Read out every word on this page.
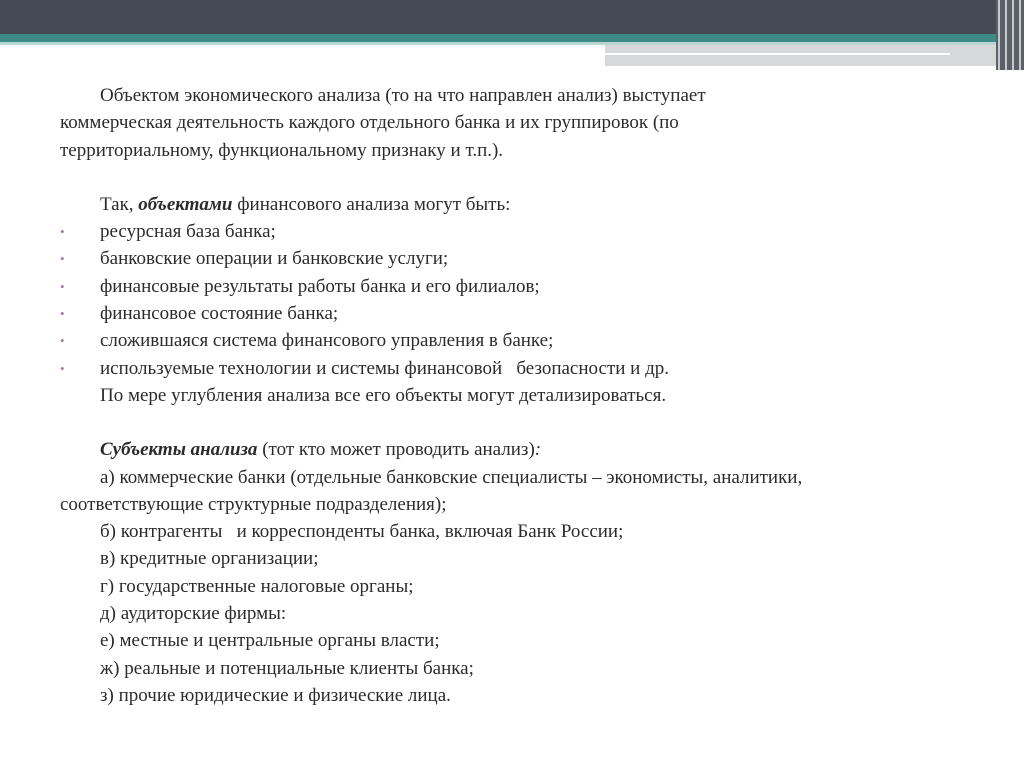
Объектом экономического анализа (то на что направлен анализ) выступает

коммерческая деятельность каждого отдельного банка и их группировок (по

территориальному, функциональному признаку и т.п.).

Так, объектами финансового анализа могут быть:

• ресурсная база банка;

• банковские операции и банковские услуги;

• финансовые результаты работы банка и его филиалов;

• финансовое состояние банка;

• сложившаяся система финансового управления в банке;

• используемые технологии и системы финансовой   безопасности и др.

По мере углубления анализа все его объекты могут детализироваться.

Субъекты анализа (тот кто может проводить анализ):

а) коммерческие банки (отдельные банковские специалисты – экономисты, аналитики,

соответствующие структурные подразделения);

б) контрагенты   и корреспонденты банка, включая Банк России;

в) кредитные организации;

г) государственные налоговые органы;

д) аудиторские фирмы:

е) местные и центральные органы власти;

ж) реальные и потенциальные клиенты банка;

з) прочие юридические и физические лица.
